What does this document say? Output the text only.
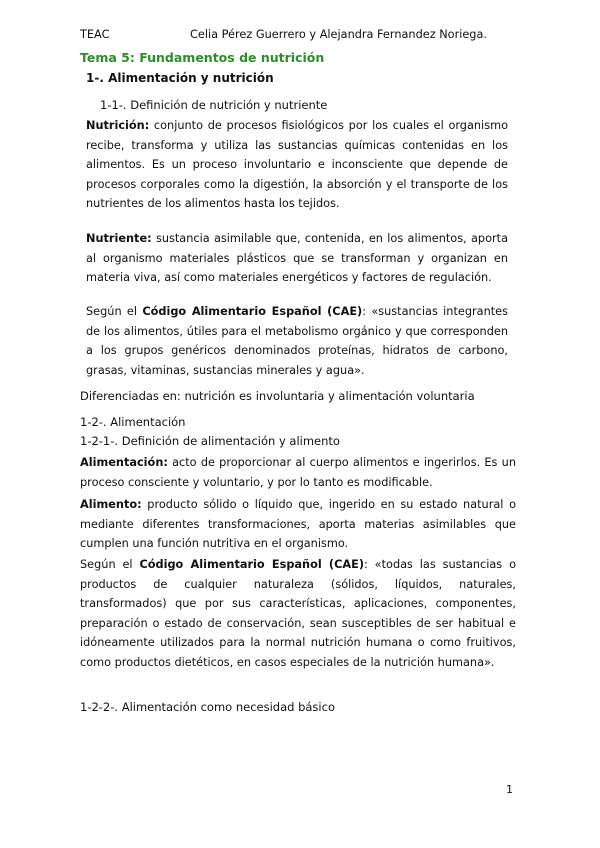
TEAC	Celia Pérez Guerrero y Alejandra Fernandez Noriega.
Tema 5: Fundamentos de nutrición
1-. Alimentación y nutrición
1-1-. Definición de nutrición y nutriente
Nutrición: conjunto de procesos fisiológicos por los cuales el organismo recibe, transforma y utiliza las sustancias químicas contenidas en los alimentos. Es un proceso involuntario e inconsciente que depende de procesos corporales como la digestión, la absorción y el transporte de los nutrientes de los alimentos hasta los tejidos.
Nutriente: sustancia asimilable que, contenida, en los alimentos, aporta al organismo materiales plásticos que se transforman y organizan en materia viva, así como materiales energéticos y factores de regulación.
Según el Código Alimentario Español (CAE): «sustancias integrantes de los alimentos, útiles para el metabolismo orgánico y que corresponden a los grupos genéricos denominados proteínas, hidratos de carbono, grasas, vitaminas, sustancias minerales y agua».
Diferenciadas en: nutrición es involuntaria y alimentación voluntaria
1-2-. Alimentación
1-2-1-. Definición de alimentación y alimento
Alimentación: acto de proporcionar al cuerpo alimentos e ingerirlos. Es un proceso consciente y voluntario, y por lo tanto es modificable.
Alimento: producto sólido o líquido que, ingerido en su estado natural o mediante diferentes transformaciones, aporta materias asimilables que cumplen una función nutritiva en el organismo.
Según el Código Alimentario Español (CAE): «todas las sustancias o productos de cualquier naturaleza (sólidos, líquidos, naturales, transformados) que por sus características, aplicaciones, componentes, preparación o estado de conservación, sean susceptibles de ser habitual e idóneamente utilizados para la normal nutrición humana o como fruitivos, como productos dietéticos, en casos especiales de la nutrición humana».
1-2-2-. Alimentación como necesidad básico
1
